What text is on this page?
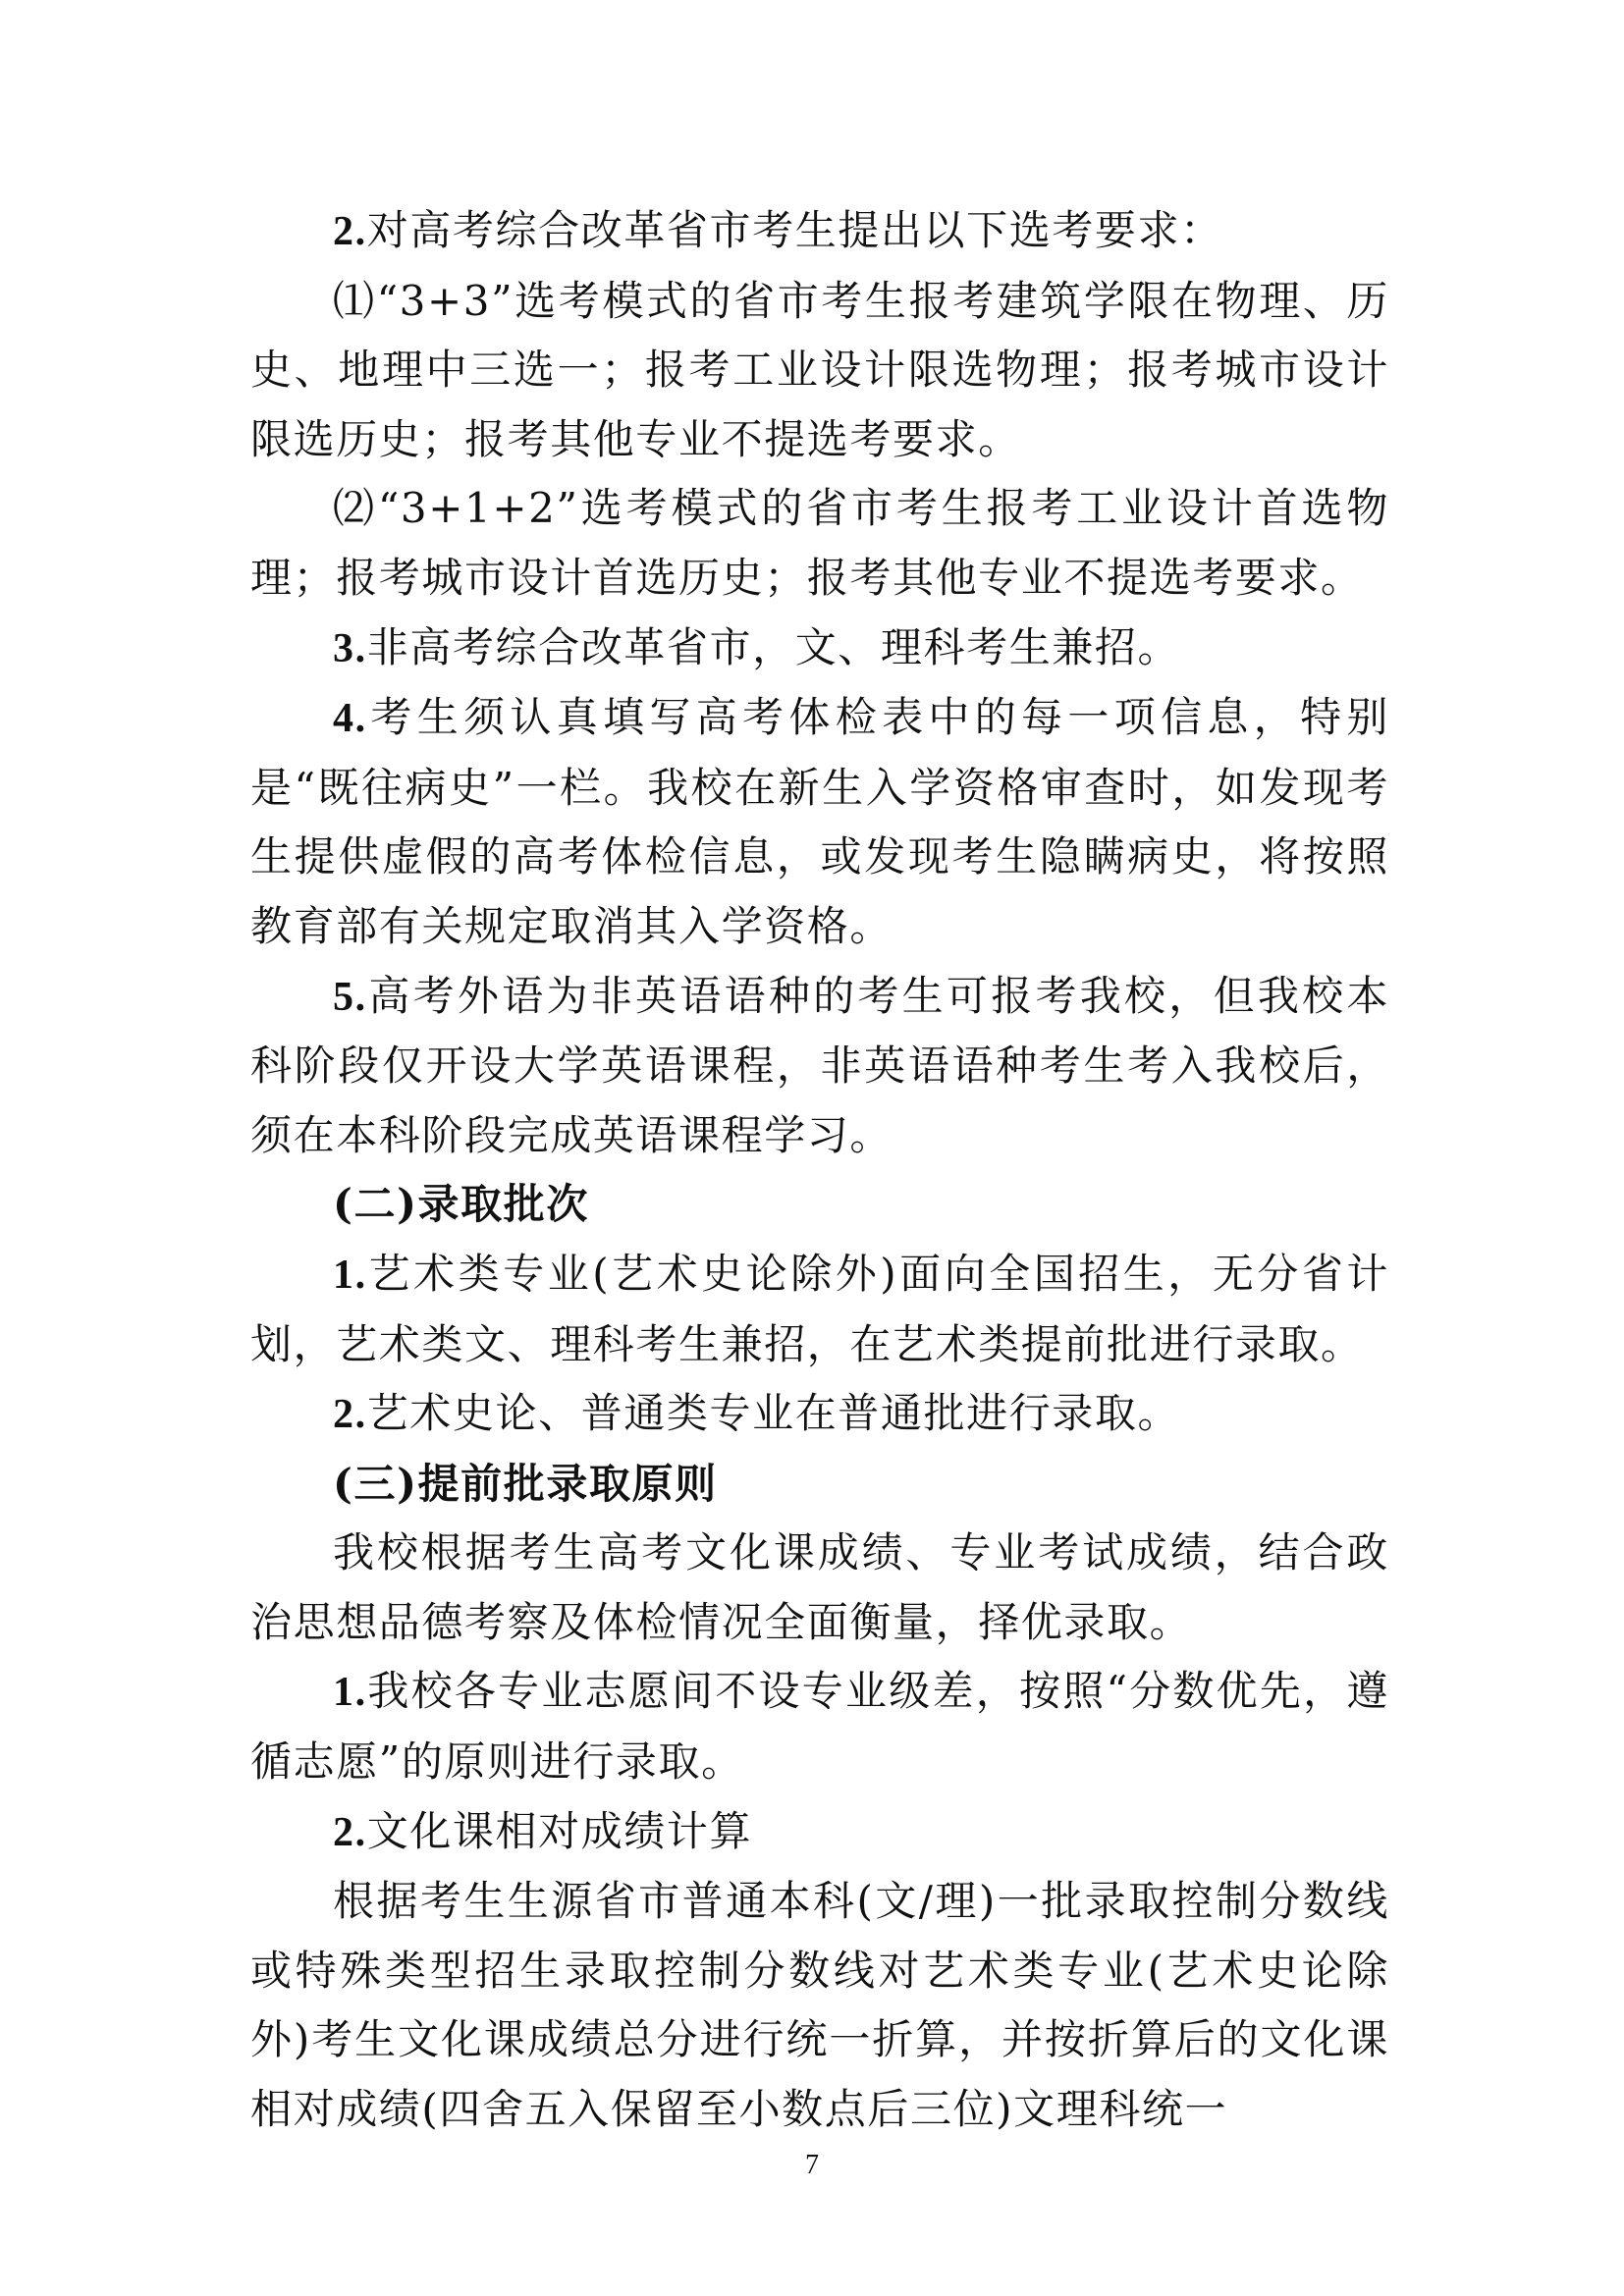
2.对高考综合改革省市考生提出以下选考要求：

⑴“3+3”选考模式的省市考生报考建筑学限在物理、历史、地理中三选一；报考工业设计限选物理；报考城市设计限选历史；报考其他专业不提选考要求。

⑵“3+1+2”选考模式的省市考生报考工业设计首选物理；报考城市设计首选历史；报考其他专业不提选考要求。

3.非高考综合改革省市，文、理科考生兼招。

4.考生须认真填写高考体检表中的每一项信息，特别是“既往病史”一栏。我校在新生入学资格审查时，如发现考生提供虚假的高考体检信息，或发现考生隐瞒病史，将按照教育部有关规定取消其入学资格。

5.高考外语为非英语语种的考生可报考我校，但我校本科阶段仅开设大学英语课程，非英语语种考生考入我校后，须在本科阶段完成英语课程学习。

(二)录取批次

1.艺术类专业(艺术史论除外)面向全国招生，无分省计划，艺术类文、理科考生兼招，在艺术类提前批进行录取。

2.艺术史论、普通类专业在普通批进行录取。

(三)提前批录取原则

我校根据考生高考文化课成绩、专业考试成绩，结合政治思想品德考察及体检情况全面衡量，择优录取。

1.我校各专业志愿间不设专业级差，按照“分数优先，遵循志愿”的原则进行录取。

2.文化课相对成绩计算

根据考生生源省市普通本科(文/理)一批录取控制分数线或特殊类型招生录取控制分数线对艺术类专业(艺术史论除外)考生文化课成绩总分进行统一折算，并按折算后的文化课相对成绩(四舍五入保留至小数点后三位)文理科统一

7
